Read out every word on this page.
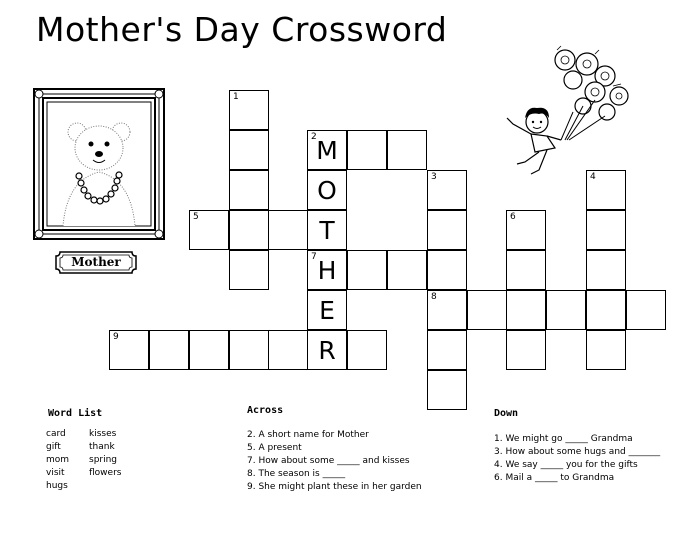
Mother's Day Crossword
Mother
1
2 M
O
T
7 H
E
R
5
9
3
8
6
4
Word List
card
gift
mom
visit
hugs
kisses
thank
spring
flowers
Across
2. A short name for Mother
5. A present
7. How about some _____ and kisses
8. The season is _____
9. She might plant these in her garden
Down
1. We might go _____ Grandma
3. How about some hugs and _______
4. We say _____ you for the gifts
6. Mail a _____ to Grandma
